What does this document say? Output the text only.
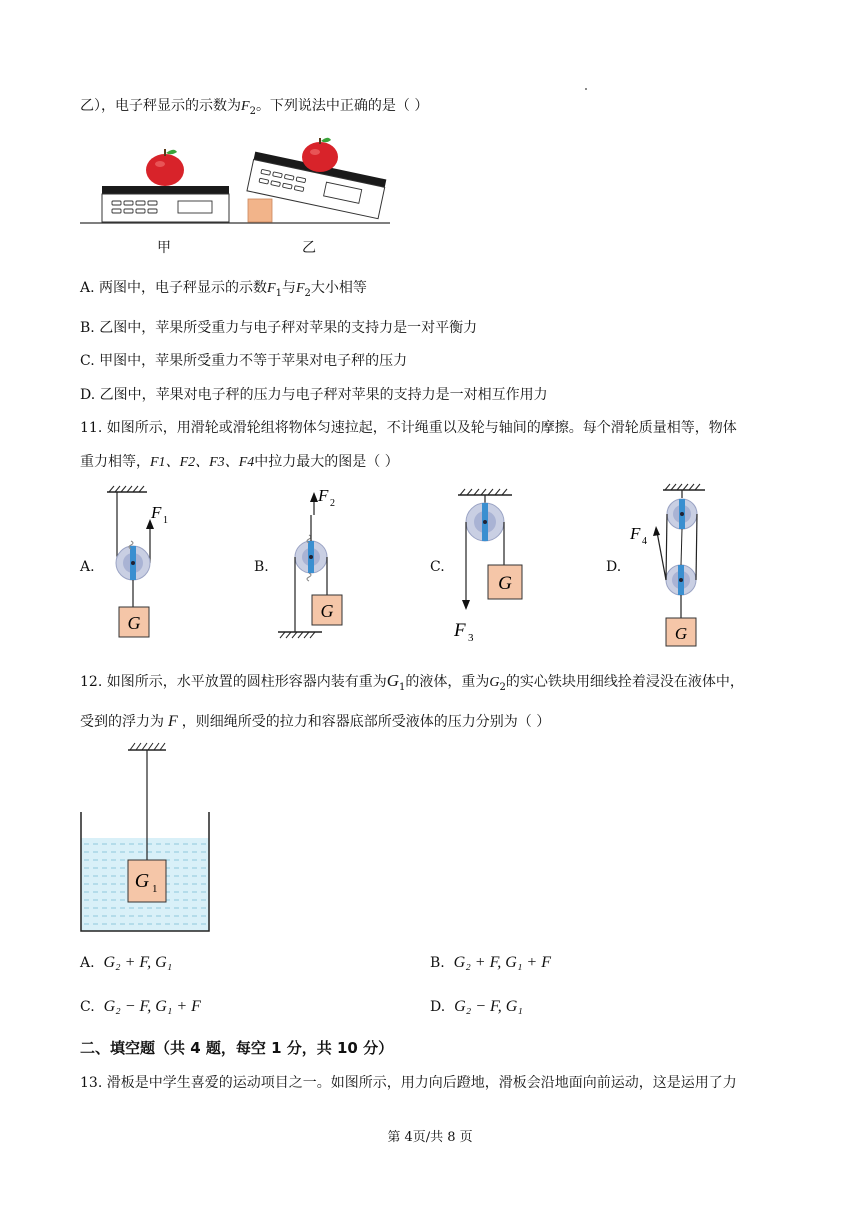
乙），电子秤显示的示数为$F_2$。下列说法中正确的是（ ）
甲	乙
A. 两图中，电子秤显示的示数$F_1$与$F_2$大小相等
B. 乙图中，苹果所受重力与电子秤对苹果的支持力是一对平衡力
C. 甲图中，苹果所受重力不等于苹果对电子秤的压力
D. 乙图中，苹果对电子秤的压力与电子秤对苹果的支持力是一对相互作用力
11. 如图所示，用滑轮或滑轮组将物体匀速拉起，不计绳重以及轮与轴间的摩擦。每个滑轮质量相等，物体
重力相等，F1、F2、F3、F4中拉力最大的图是（ ）
A.	B.	C.	D.
G
F 1
F 2
G
G
F 3	G
F 4
12. 如图所示，水平放置的圆柱形容器内装有重为$G_1$的液体，重为$G_2$的实心铁块用细线拴着浸没在液体中，
受到的浮力为 F ，则细绳所受的拉力和容器底部所受液体的压力分别为（ ）
G 1
A. G₂ + F, G₁	B. G₂ + F, G₁ + F
C. G₂ − F, G₁ + F	D. G₂ − F, G₁
二、填空题（共 4 题，每空 1 分，共 10 分）
13. 滑板是中学生喜爱的运动项目之一。如图所示，用力向后蹬地，滑板会沿地面向前运动，这是运用了力
第 4页/共 8 页
